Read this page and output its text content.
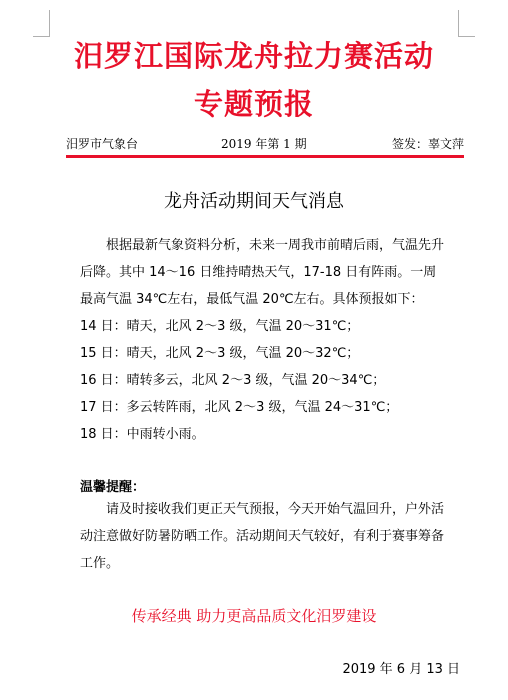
汨罗江国际龙舟拉力赛活动
专题预报
汨罗市气象台	2019 年第 1 期	签发：辜文萍
龙舟活动期间天气消息
根据最新气象资料分析，未来一周我市前晴后雨，气温先升后降。其中 14～16 日维持晴热天气，17-18 日有阵雨。一周最高气温 34℃左右，最低气温 20℃左右。具体预报如下：
14 日：晴天，北风 2～3 级，气温 20～31℃；
15 日：晴天，北风 2～3 级，气温 20～32℃；
16 日：晴转多云，北风 2～3 级，气温 20～34℃；
17 日：多云转阵雨，北风 2～3 级，气温 24～31℃；
18 日：中雨转小雨。
温馨提醒：
请及时接收我们更正天气预报，今天开始气温回升，户外活动注意做好防暑防晒工作。活动期间天气较好，有利于赛事筹备工作。
传承经典 助力更高品质文化汨罗建设
2019 年 6 月 13 日
